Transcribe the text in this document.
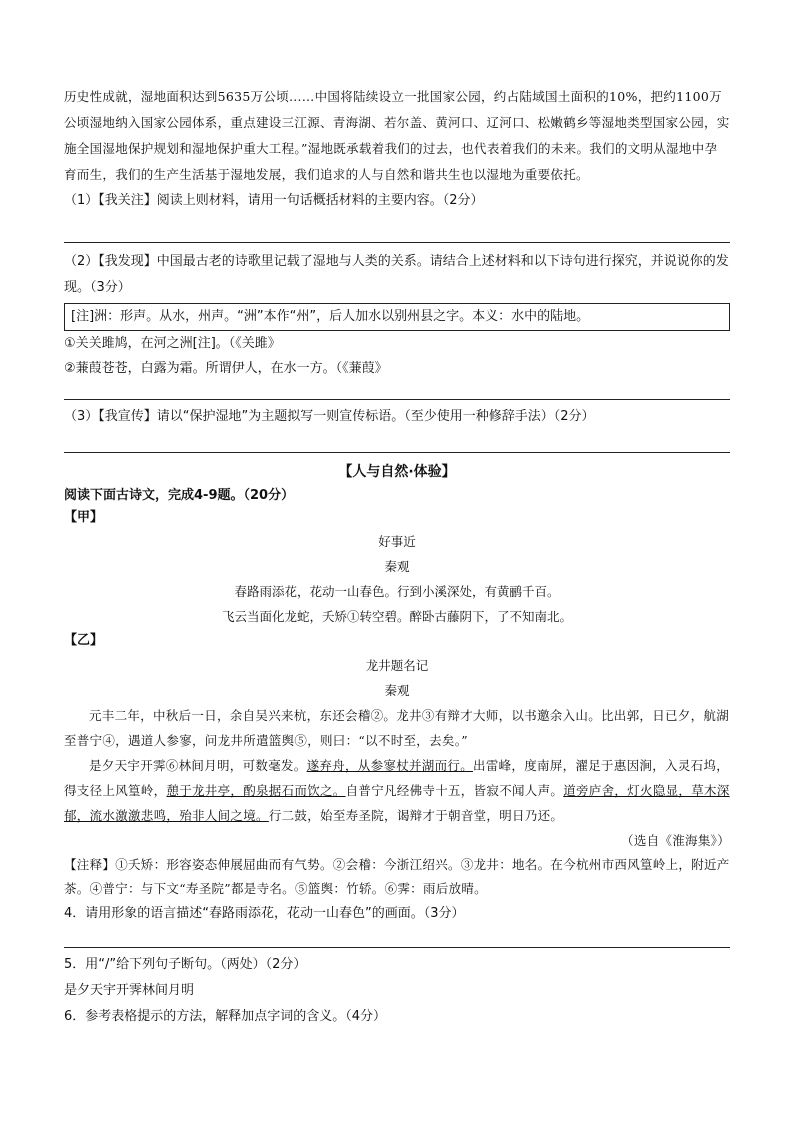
历史性成就，湿地面积达到5635万公顷……中国将陆续设立一批国家公园，约占陆域国土面积的10%，把约1100万公顷湿地纳入国家公园体系，重点建设三江源、青海湖、若尔盖、黄河口、辽河口、松嫩鹤乡等湿地类型国家公园，实施全国湿地保护规划和湿地保护重大工程。”湿地既承载着我们的过去，也代表着我们的未来。我们的文明从湿地中孕育而生，我们的生产生活基于湿地发展，我们追求的人与自然和谐共生也以湿地为重要依托。

（1）【我关注】阅读上则材料，请用一句话概括材料的主要内容。（2分）

（2）【我发现】中国最古老的诗歌里记载了湿地与人类的关系。请结合上述材料和以下诗句进行探究，并说说你的发现。（3分）

[注]洲：形声。从水，州声。“洲”本作“州”，后人加水以别州县之字。本义：水中的陆地。

①关关雎鸠，在河之洲[注]。（《关雎》

②蒹葭苍苍，白露为霜。所谓伊人，在水一方。（《蒹葭》

（3）【我宣传】请以“保护湿地”为主题拟写一则宣传标语。（至少使用一种修辞手法）（2分）

【人与自然·体验】

阅读下面古诗文，完成4-9题。（20分）

【甲】

好事近

秦观

春路雨添花，花动一山春色。行到小溪深处，有黄鹂千百。

飞云当面化龙蛇，夭矫①转空碧。醉卧古藤阴下，了不知南北。

【乙】

龙井题名记

秦观

元丰二年，中秋后一日，余自吴兴来杭，东还会稽②。龙井③有辩才大师，以书邀余入山。比出郭，日已夕，航湖至普宁④，遇道人参寥，问龙井所遣篮舆⑤，则曰：“以不时至，去矣。”

是夕天宇开霁⑥林间月明，可数毫发。遂弃舟，从参寥杖并湖而行。出雷峰，度南屏，濯足于惠因涧，入灵石坞，得支径上风篁岭，憩于龙井亭，酌泉据石而饮之。自普宁凡经佛寺十五，皆寂不闻人声。道旁庐舍，灯火隐显，草木深郁，流水激激悲鸣，殆非人间之境。行二鼓，始至寿圣院，谒辩才于朝音堂，明日乃还。

（选自《淮海集》）

【注释】①夭矫：形容姿态伸展屈曲而有气势。②会稽：今浙江绍兴。③龙井：地名。在今杭州市西风篁岭上，附近产茶。④普宁：与下文“寿圣院”都是寺名。⑤篮舆：竹轿。⑥霁：雨后放晴。

4．请用形象的语言描述“春路雨添花，花动一山春色”的画面。（3分）

5．用“/”给下列句子断句。（两处）（2分）

是夕天宇开霁林间月明

6．参考表格提示的方法，解释加点字词的含义。（4分）
